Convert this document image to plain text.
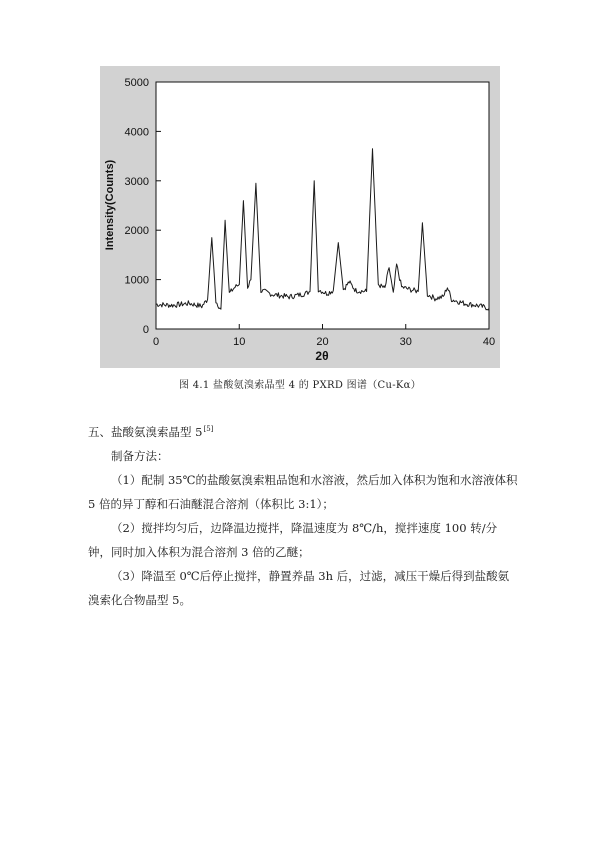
0	10	20	30	40
0
1000
2000
3000
4000
5000
2θ
Intensity(Counts)
图 4.1 盐酸氨溴索晶型 4 的 PXRD 图谱（Cu-Kα）
五、盐酸氨溴索晶型 5[5]

制备方法：

（1）配制 35℃的盐酸氨溴索粗品饱和水溶液，然后加入体积为饱和水溶液体积 5 倍的异丁醇和石油醚混合溶剂（体积比 3:1）；

（2）搅拌均匀后，边降温边搅拌，降温速度为 8℃/h，搅拌速度 100 转/分钟，同时加入体积为混合溶剂 3 倍的乙醚；

（3）降温至 0℃后停止搅拌，静置养晶 3h 后，过滤，减压干燥后得到盐酸氨溴索化合物晶型 5。
